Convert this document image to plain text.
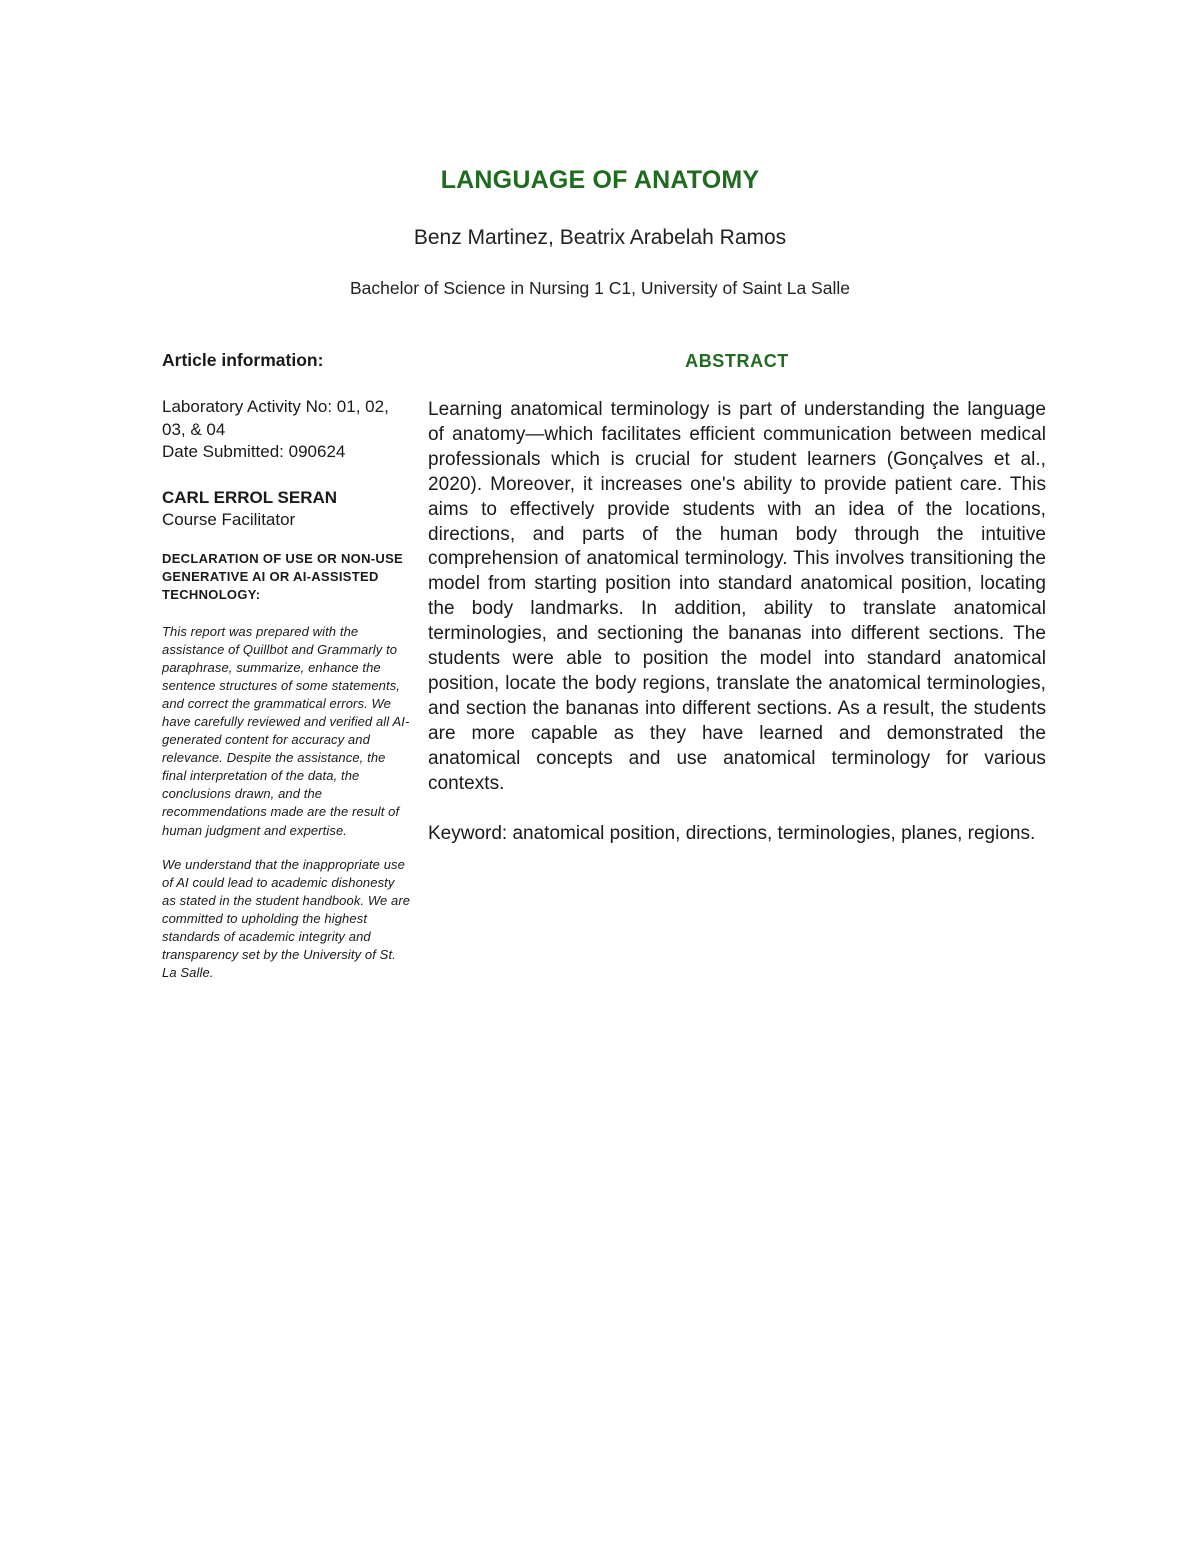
LANGUAGE OF ANATOMY
Benz Martinez, Beatrix Arabelah Ramos
Bachelor of Science in Nursing 1 C1, University of Saint La Salle
Article information:
Laboratory Activity No: 01, 02, 03, & 04
Date Submitted: 090624
CARL ERROL SERAN
Course Facilitator
DECLARATION OF USE OR NON-USE GENERATIVE AI OR AI-ASSISTED TECHNOLOGY:
This report was prepared with the assistance of Quillbot and Grammarly to paraphrase, summarize, enhance the sentence structures of some statements, and correct the grammatical errors. We have carefully reviewed and verified all AI-generated content for accuracy and relevance. Despite the assistance, the final interpretation of the data, the conclusions drawn, and the recommendations made are the result of human judgment and expertise.
We understand that the inappropriate use of AI could lead to academic dishonesty as stated in the student handbook. We are committed to upholding the highest standards of academic integrity and transparency set by the University of St. La Salle.
ABSTRACT
Learning anatomical terminology is part of understanding the language of anatomy—which facilitates efficient communication between medical professionals which is crucial for student learners (Gonçalves et al., 2020). Moreover, it increases one's ability to provide patient care. This aims to effectively provide students with an idea of the locations, directions, and parts of the human body through the intuitive comprehension of anatomical terminology. This involves transitioning the model from starting position into standard anatomical position, locating the body landmarks. In addition, ability to translate anatomical terminologies, and sectioning the bananas into different sections. The students were able to position the model into standard anatomical position, locate the body regions, translate the anatomical terminologies, and section the bananas into different sections. As a result, the students are more capable as they have learned and demonstrated the anatomical concepts and use anatomical terminology for various contexts.
Keyword: anatomical position, directions, terminologies, planes, regions.
